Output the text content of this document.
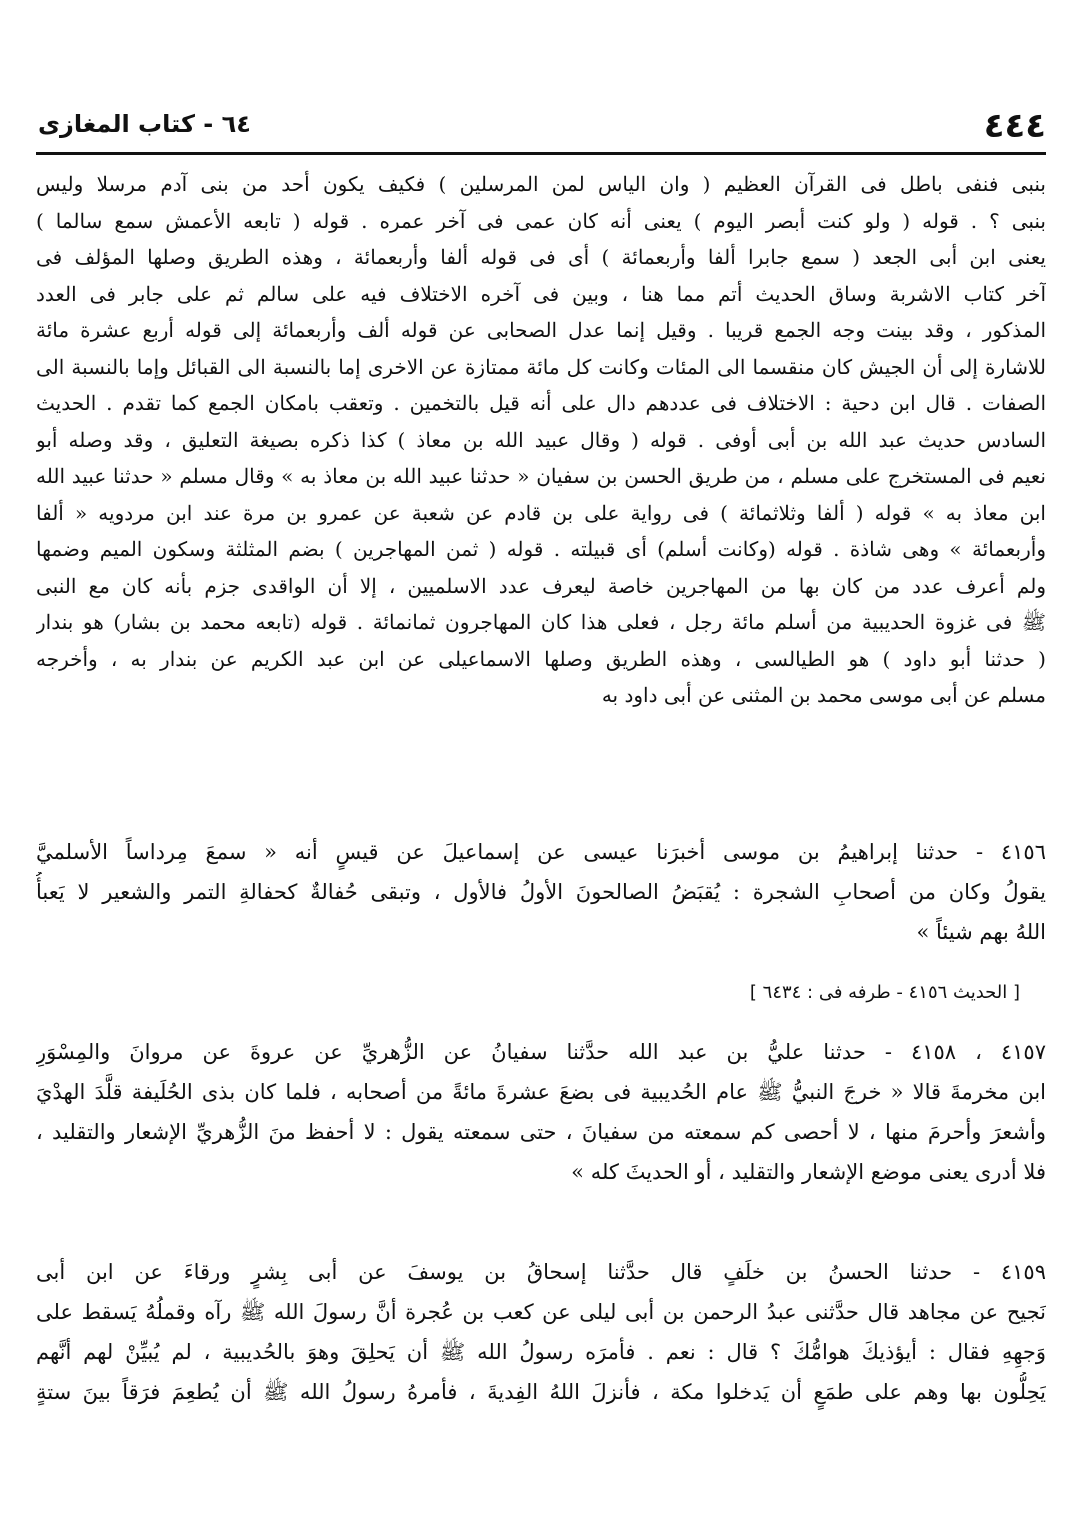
٤٤٤
٦٤ - كتاب المغازى
بنبى فنفى باطل فى القرآن العظيم ( وان الياس لمن المرسلين ) فكيف يكون أحد من بنى آدم مرسلا وليس
بنبى ؟ . قوله ( ولو كنت أبصر اليوم ) يعنى أنه كان عمى فى آخر عمره . قوله ( تابعه الأعمش سمع سالما )
يعنى ابن أبى الجعد ( سمع جابرا ألفا وأربعمائة ) أى فى قوله ألفا وأربعمائة ، وهذه الطريق وصلها المؤلف فى
آخر كتاب الاشربة وساق الحديث أتم مما هنا ، وبين فى آخره الاختلاف فيه على سالم ثم على جابر فى العدد
المذكور ، وقد بينت وجه الجمع قريبا . وقيل إنما عدل الصحابى عن قوله ألف وأربعمائة إلى قوله أربع عشرة مائة
للاشارة إلى أن الجيش كان منقسما الى المئات وكانت كل مائة ممتازة عن الاخرى إما بالنسبة الى القبائل وإما بالنسبة الى
الصفات . قال ابن دحية : الاختلاف فى عددهم دال على أنه قيل بالتخمين . وتعقب بامكان الجمع كما تقدم . الحديث
السادس حديث عبد الله بن أبى أوفى . قوله ( وقال عبيد الله بن معاذ ) كذا ذكره بصيغة التعليق ، وقد وصله أبو
نعيم فى المستخرج على مسلم ، من طريق الحسن بن سفيان « حدثنا عبيد الله بن معاذ به » وقال مسلم « حدثنا عبيد الله
ابن معاذ به » قوله ( ألفا وثلاثمائة ) فى رواية على بن قادم عن شعبة عن عمرو بن مرة عند ابن مردويه « ألفا
وأربعمائة » وهى شاذة . قوله (وكانت أسلم) أى قبيلته . قوله ( ثمن المهاجرين ) بضم المثلثة وسكون الميم وضمها
ولم أعرف عدد من كان بها من المهاجرين خاصة ليعرف عدد الاسلميين ، إلا أن الواقدى جزم بأنه كان مع النبى
ﷺ فى غزوة الحديبية من أسلم مائة رجل ، فعلى هذا كان المهاجرون ثمانمائة . قوله (تابعه محمد بن بشار) هو بندار
( حدثنا أبو داود ) هو الطيالسى ، وهذه الطريق وصلها الاسماعيلى عن ابن عبد الكريم عن بندار به ، وأخرجه
مسلم عن أبى موسى محمد بن المثنى عن أبى داود به
٤١٥٦ - حدثنا إبراهيمُ بن موسى أخبرَنا عيسى عن إسماعيلَ عن قيسٍ أنه « سمعَ مِرداساً الأسلميَّ
يقولُ وكان من أصحابِ الشجرة : يُقبَضُ الصالحونَ الأولُ فالأول ، وتبقى حُفالةٌ كحفالةِ التمر والشعير لا يَعبأُ
اللهُ بهم شيئاً »
[ الحديث ٤١٥٦ - طرفه فى : ٦٤٣٤ ]
٤١٥٧ ، ٤١٥٨ - حدثنا عليُّ بن عبد الله حدَّثنا سفيانُ عن الزُّهريِّ عن عروةَ عن مروانَ والمِسْوَرِ
ابن مخرمةَ قالا « خرجَ النبيُّ ﷺ عام الحُديبية فى بضعَ عشرةَ مائةً من أصحابه ، فلما كان بذى الحُلَيفة قلَّدَ الهدْيَ
وأشعرَ وأحرمَ منها ، لا أحصى كم سمعته من سفيانَ ، حتى سمعته يقول : لا أحفظ منَ الزُّهريِّ الإشعار والتقليد ،
فلا أدرى يعنى موضع الإشعار والتقليد ، أو الحديثَ كله »
٤١٥٩ - حدثنا الحسنُ بن خلَفٍ قال حدَّثنا إسحاقُ بن يوسفَ عن أبى بِشرٍ ورقاءَ عن ابن أبى
نَجيح عن مجاهد قال حدَّثنى عبدُ الرحمن بن أبى ليلى عن كعب بن عُجرة أنَّ رسولَ الله ﷺ رآه وقملُهُ يَسقط على
وَجهِهِ فقال : أيؤذيكَ هوامُّكَ ؟ قال : نعم . فأمرَه رسولُ الله ﷺ أن يَحلِقَ وهوَ بالحُديبية ، لم يُبيِّنْ لهم أنَّهم
يَحِلُّون بها وهم على طمَعٍ أن يَدخلوا مكة ، فأنزلَ اللهُ الفِديةَ ، فأمرهُ رسولُ الله ﷺ أن يُطعِمَ فرَقاً بينَ ستةٍ
